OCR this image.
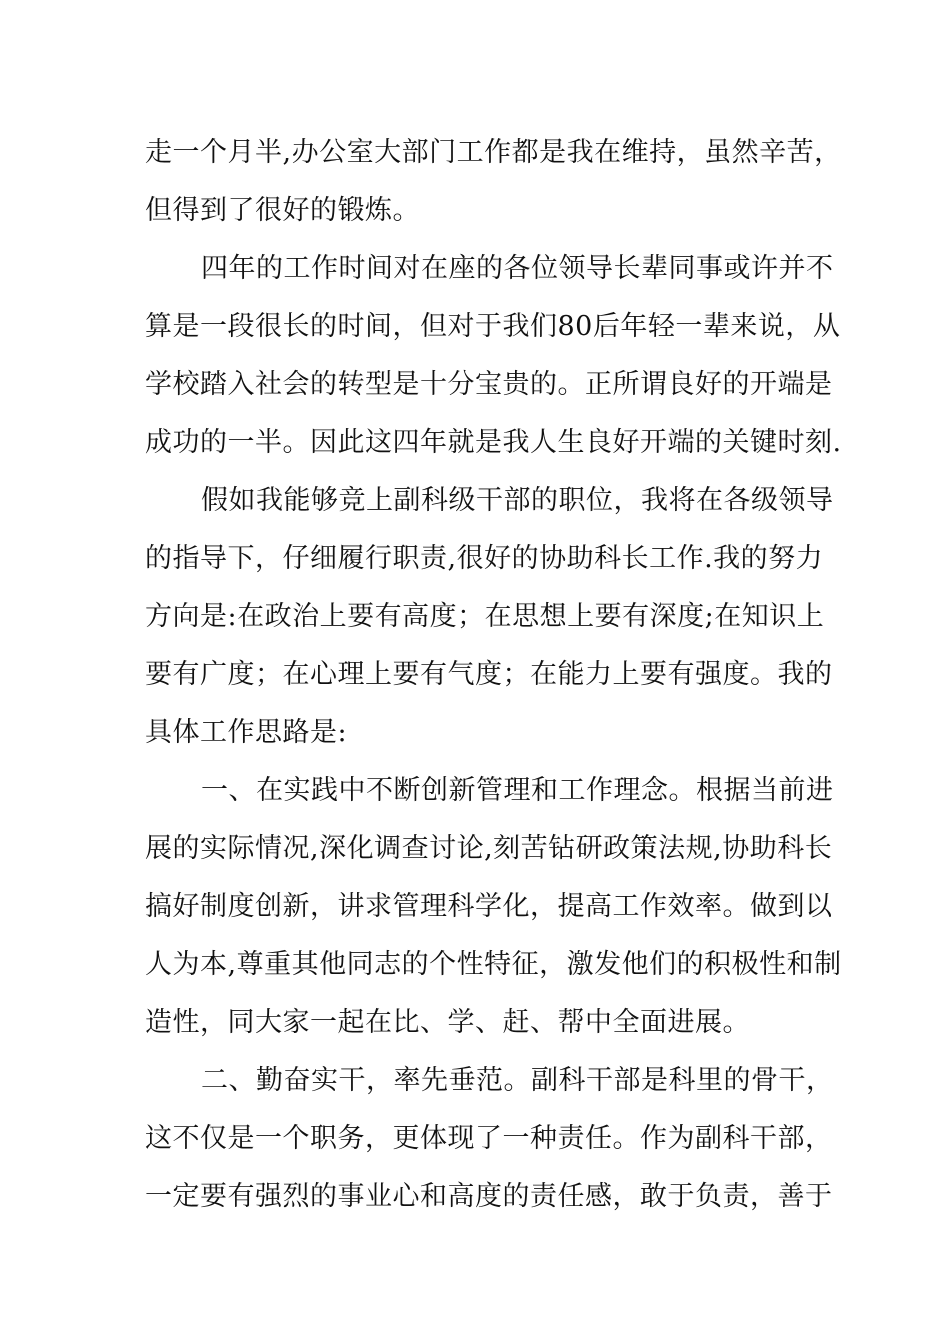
走一个月半,办公室大部门工作都是我在维持，虽然辛苦，
但得到了很好的锻炼。
四年的工作时间对在座的各位领导长辈同事或许并不
算是一段很长的时间，但对于我们80后年轻一辈来说，从
学校踏入社会的转型是十分宝贵的。正所谓良好的开端是
成功的一半。因此这四年就是我人生良好开端的关键时刻.
假如我能够竞上副科级干部的职位，我将在各级领导
的指导下，仔细履行职责,很好的协助科长工作.我的努力
方向是:在政治上要有高度；在思想上要有深度;在知识上
要有广度；在心理上要有气度；在能力上要有强度。我的
具体工作思路是:
一、在实践中不断创新管理和工作理念。根据当前进
展的实际情况,深化调查讨论,刻苦钻研政策法规,协助科长
搞好制度创新，讲求管理科学化，提高工作效率。做到以
人为本,尊重其他同志的个性特征，激发他们的积极性和制
造性，同大家一起在比、学、赶、帮中全面进展。
二、勤奋实干，率先垂范。副科干部是科里的骨干，
这不仅是一个职务，更体现了一种责任。作为副科干部，
一定要有强烈的事业心和高度的责任感，敢于负责，善于
